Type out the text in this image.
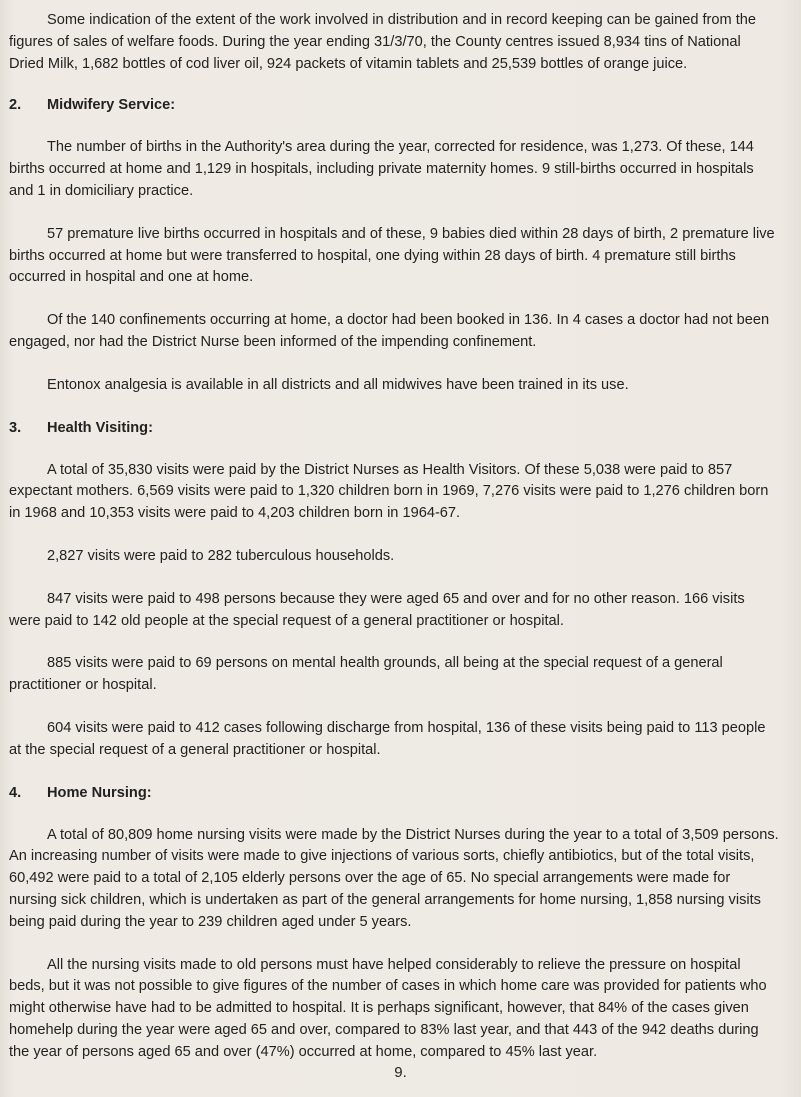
Some indication of the extent of the work involved in distribution and in record keeping can be gained from the figures of sales of welfare foods. During the year ending 31/3/70, the County centres issued 8,934 tins of National Dried Milk, 1,682 bottles of cod liver oil, 924 packets of vitamin tablets and 25,539 bottles of orange juice.

2. Midwifery Service:

The number of births in the Authority's area during the year, corrected for residence, was 1,273. Of these, 144 births occurred at home and 1,129 in hospitals, including private maternity homes. 9 still-births occurred in hospitals and 1 in domiciliary practice.

57 premature live births occurred in hospitals and of these, 9 babies died within 28 days of birth, 2 premature live births occurred at home but were transferred to hospital, one dying within 28 days of birth. 4 premature still births occurred in hospital and one at home.

Of the 140 confinements occurring at home, a doctor had been booked in 136. In 4 cases a doctor had not been engaged, nor had the District Nurse been informed of the impending confinement.

Entonox analgesia is available in all districts and all midwives have been trained in its use.

3. Health Visiting:

A total of 35,830 visits were paid by the District Nurses as Health Visitors. Of these 5,038 were paid to 857 expectant mothers. 6,569 visits were paid to 1,320 children born in 1969, 7,276 visits were paid to 1,276 children born in 1968 and 10,353 visits were paid to 4,203 children born in 1964-67.

2,827 visits were paid to 282 tuberculous households.

847 visits were paid to 498 persons because they were aged 65 and over and for no other reason. 166 visits were paid to 142 old people at the special request of a general practitioner or hospital.

885 visits were paid to 69 persons on mental health grounds, all being at the special request of a general practitioner or hospital.

604 visits were paid to 412 cases following discharge from hospital, 136 of these visits being paid to 113 people at the special request of a general practitioner or hospital.

4. Home Nursing:

A total of 80,809 home nursing visits were made by the District Nurses during the year to a total of 3,509 persons. An increasing number of visits were made to give injections of various sorts, chiefly antibiotics, but of the total visits, 60,492 were paid to a total of 2,105 elderly persons over the age of 65. No special arrangements were made for nursing sick children, which is undertaken as part of the general arrangements for home nursing, 1,858 nursing visits being paid during the year to 239 children aged under 5 years.

All the nursing visits made to old persons must have helped considerably to relieve the pressure on hospital beds, but it was not possible to give figures of the number of cases in which home care was provided for patients who might otherwise have had to be admitted to hospital. It is perhaps significant, however, that 84% of the cases given homehelp during the year were aged 65 and over, compared to 83% last year, and that 443 of the 942 deaths during the year of persons aged 65 and over (47%) occurred at home, compared to 45% last year.

9.
